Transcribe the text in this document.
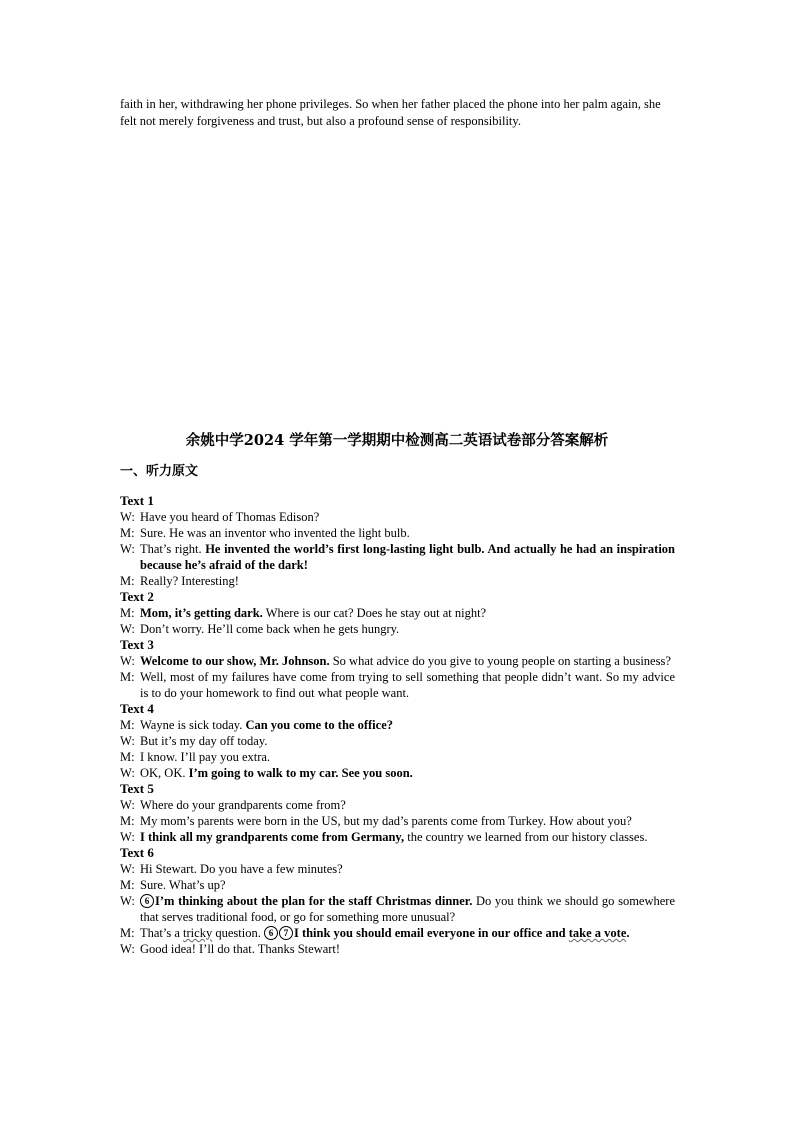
faith in her, withdrawing her phone privileges. So when her father placed the phone into her palm again, she felt not merely forgiveness and trust, but also a profound sense of responsibility.
余姚中学2024 学年第一学期期中检测高二英语试卷部分答案解析
一、听力原文
Text 1
W: Have you heard of Thomas Edison?
M: Sure. He was an inventor who invented the light bulb.
W: That’s right. He invented the world’s first long-lasting light bulb. And actually he had an inspiration because he’s afraid of the dark!
M: Really? Interesting!
Text 2
M: Mom, it’s getting dark. Where is our cat? Does he stay out at night?
W: Don’t worry. He’ll come back when he gets hungry.
Text 3
W: Welcome to our show, Mr. Johnson. So what advice do you give to young people on starting a business?
M: Well, most of my failures have come from trying to sell something that people didn’t want. So my advice is to do your homework to find out what people want.
Text 4
M: Wayne is sick today. Can you come to the office?
W: But it’s my day off today.
M: I know. I’ll pay you extra.
W: OK, OK. I’m going to walk to my car. See you soon.
Text 5
W: Where do your grandparents come from?
M: My mom’s parents were born in the US, but my dad’s parents come from Turkey. How about you?
W: I think all my grandparents come from Germany, the country we learned from our history classes.
Text 6
W: Hi Stewart. Do you have a few minutes?
M: Sure. What’s up?
W:	6 I’m thinking about the plan for the staff Christmas dinner. Do you think we should go somewhere that serves traditional food, or go for something more unusual?
M: That’s a tricky question. 6 7 I think you should email everyone in our office and take a vote.
W: Good idea! I’ll do that. Thanks Stewart!
